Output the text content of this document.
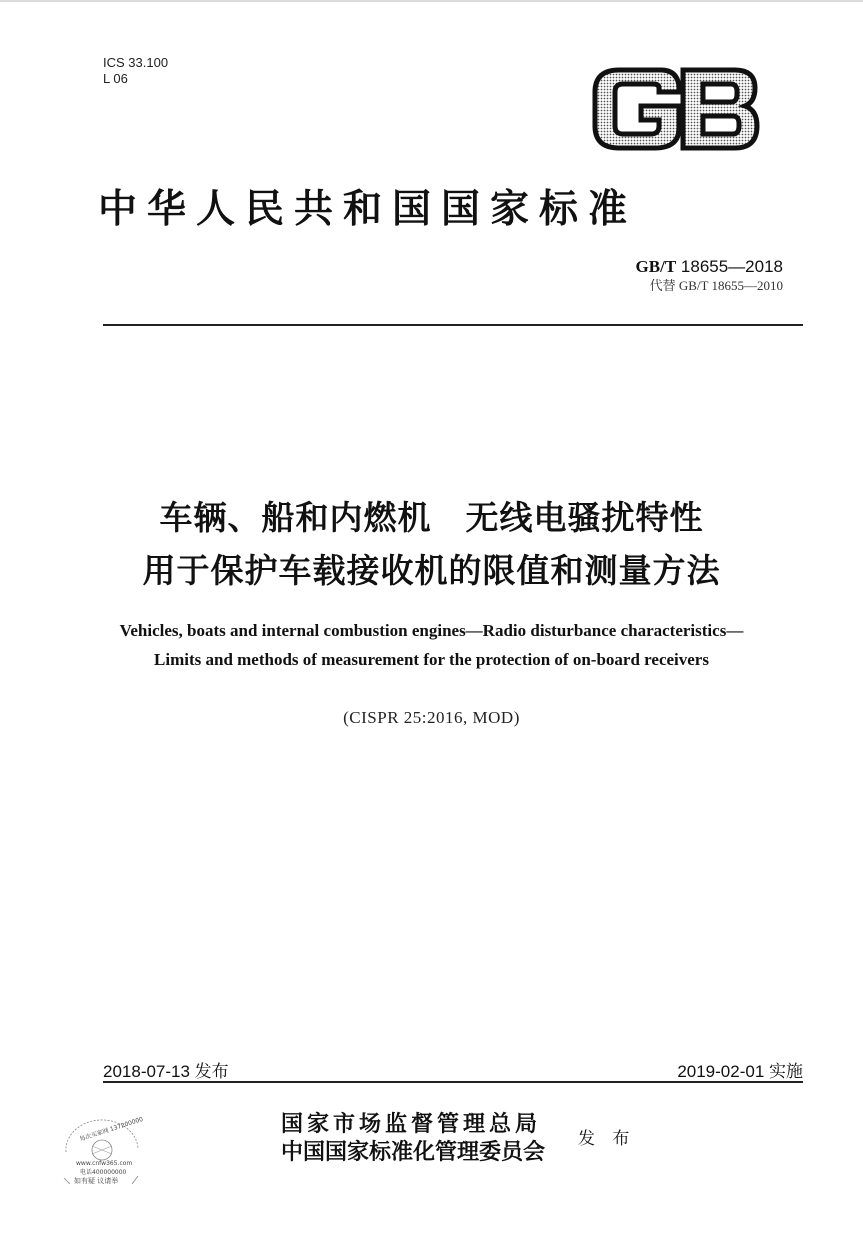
ICS 33.100
L 06
中华人民共和国国家标准
GB/T 18655—2018
代替 GB/T 18655—2010
车辆、船和内燃机　无线电骚扰特性
用于保护车载接收机的限值和测量方法
Vehicles, boats and internal combustion engines—Radio disturbance characteristics—
Limits and methods of measurement for the protection of on-board receivers
(CISPR 25:2016, MOD)
2018-07-13 发布	2019-02-01 实施
国家市场监督管理总局
中国国家标准化管理委员会 发 布
每次买家网 137200000
www.cnfw365.com
电话400000000
如有疑 议请举
